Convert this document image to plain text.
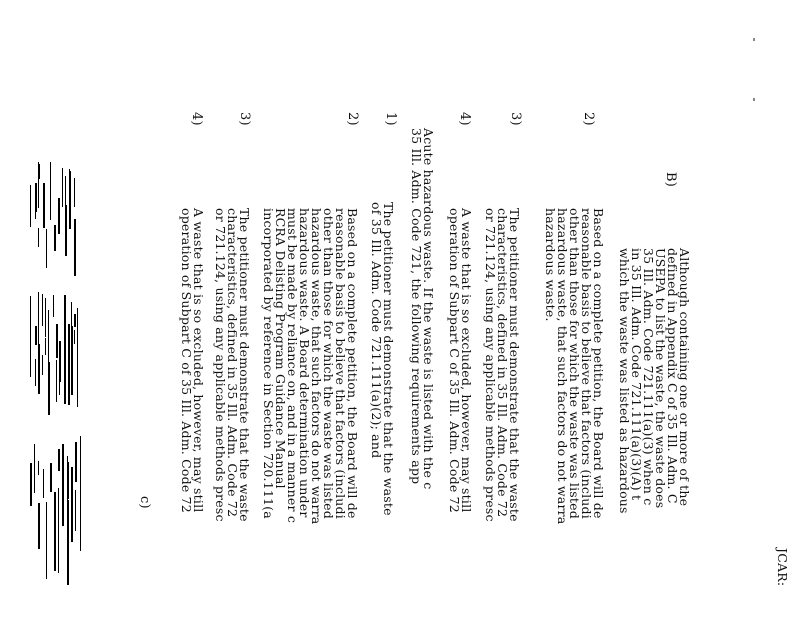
JCAR:
B)
Although containing one or more of the
defined in Appendix C of 35 Ill. Adm. C
USEPA to list the waste, the waste does
35 Ill. Adm. Code 721.111(a)(3) when c
in 35 Ill. Adm. Code 721.111(a)(3)(A) t
which the waste was listed as hazardous
2)
Based on a complete petition, the Board will de
reasonable basis to believe that factors (includi
other than those for which the waste was listed
hazardous waste, that such factors do not warra
hazardous waste.
3)
The petitioner must demonstrate that the waste
characteristics, defined in 35 Ill. Adm. Code 72
or 721.124, using any applicable methods presc
4)
A waste that is so excluded, however, may still
operation of Subpart C of 35 Ill. Adm. Code 72
Acute hazardous waste. If the waste is listed with the c
35 Ill. Adm. Code 721, the following requirements app
1)
The petitioner must demonstrate that the waste
of 35 Ill. Adm. Code 721.111(a)(2); and
2)
Based on a complete petition, the Board will de
reasonable basis to believe that factors (includi
other than those for which the waste was listed
hazardous waste, that such factors do not warra
hazardous waste. A Board determination under
must be made by reliance on, and in a manner c
RCRA Delisting Program Guidance Manual
incorporated by reference in Section 720.111(a
3)
The petitioner must demonstrate that the waste
characteristics, defined in 35 Ill. Adm. Code 72
or 721.124, using any applicable methods presc
4)
A waste that is so excluded, however, may still
operation of Subpart C of 35 Ill. Adm. Code 72
c)
